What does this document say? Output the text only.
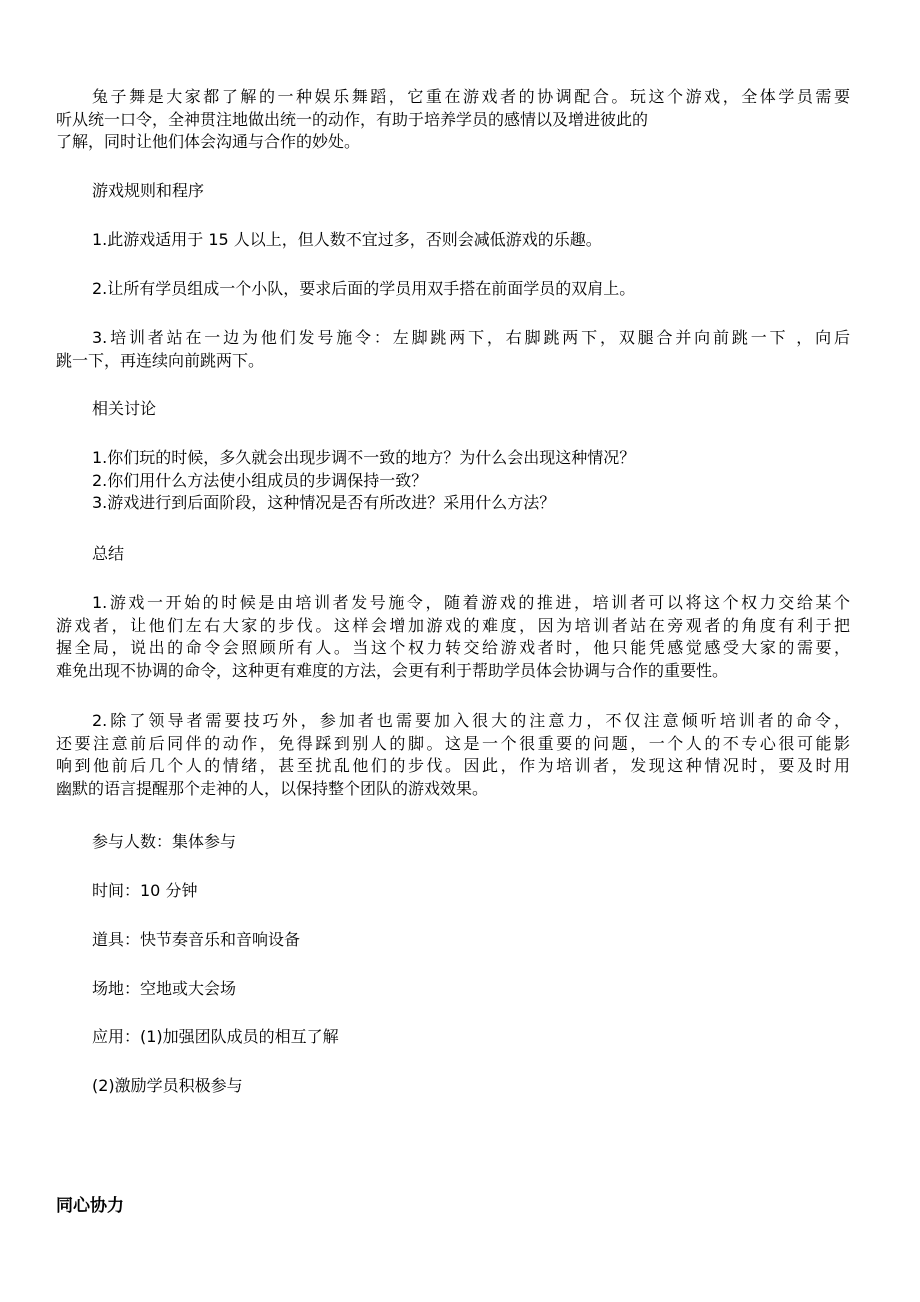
兔子舞是大家都了解的一种娱乐舞蹈，它重在游戏者的协调配合。玩这个游戏，全体学员需要
听从统一口令，全神贯注地做出统一的动作，有助于培养学员的感情以及增进彼此的
了解，同时让他们体会沟通与合作的妙处。
游戏规则和程序
1.此游戏适用于 15 人以上，但人数不宜过多，否则会减低游戏的乐趣。
2.让所有学员组成一个小队，要求后面的学员用双手搭在前面学员的双肩上。
3.培训者站在一边为他们发号施令：左脚跳两下，右脚跳两下，双腿合并向前跳一下 ，向后
跳一下，再连续向前跳两下。
相关讨论
1.你们玩的时候，多久就会出现步调不一致的地方？为什么会出现这种情况？
2.你们用什么方法使小组成员的步调保持一致？
3.游戏进行到后面阶段，这种情况是否有所改进？采用什么方法？
总结
1.游戏一开始的时候是由培训者发号施令，随着游戏的推进，培训者可以将这个权力交给某个
游戏者，让他们左右大家的步伐。这样会增加游戏的难度，因为培训者站在旁观者的角度有利于把
握全局，说出的命令会照顾所有人。当这个权力转交给游戏者时，他只能凭感觉感受大家的需要，
难免出现不协调的命令，这种更有难度的方法，会更有利于帮助学员体会协调与合作的重要性。
2.除了领导者需要技巧外，参加者也需要加入很大的注意力，不仅注意倾听培训者的命令，
还要注意前后同伴的动作，免得踩到别人的脚。这是一个很重要的问题，一个人的不专心很可能影
响到他前后几个人的情绪，甚至扰乱他们的步伐。因此，作为培训者，发现这种情况时，要及时用
幽默的语言提醒那个走神的人，以保持整个团队的游戏效果。
参与人数：集体参与
时间：10 分钟
道具：快节奏音乐和音响设备
场地：空地或大会场
应用：(1)加强团队成员的相互了解
(2)激励学员积极参与
同心协力
